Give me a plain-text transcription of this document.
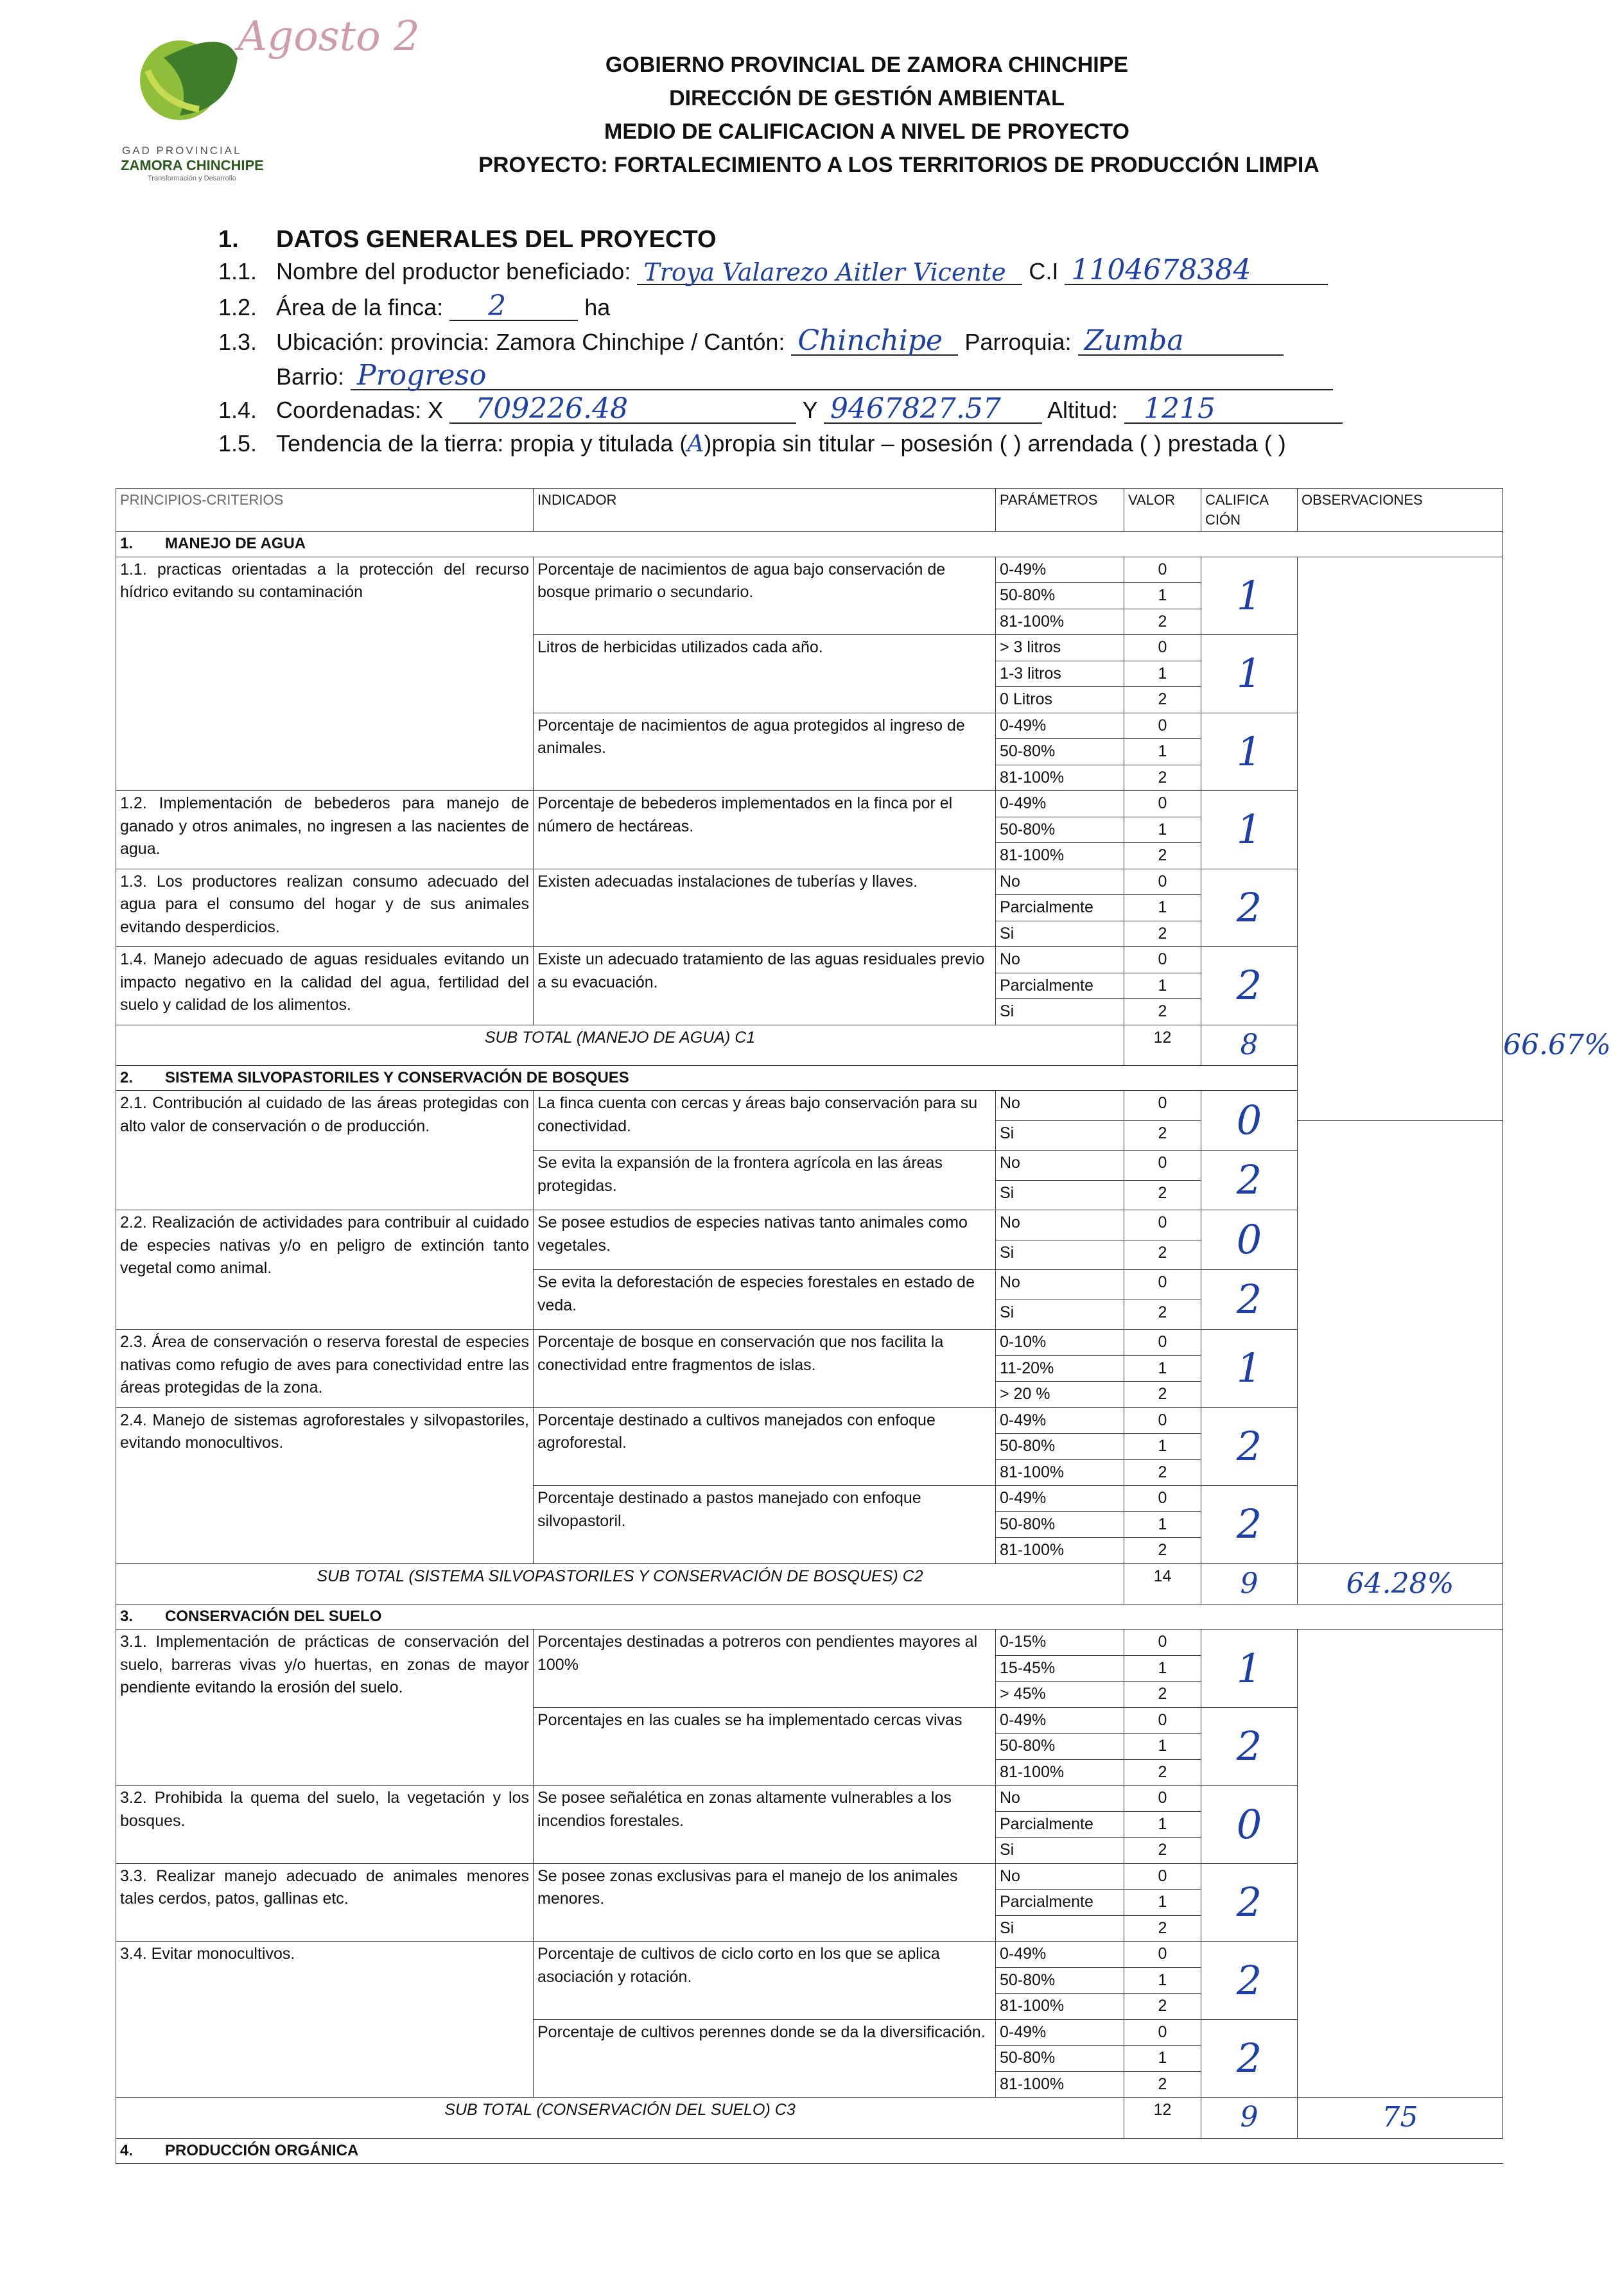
GAD PROVINCIAL
ZAMORA CHINCHIPE
Transformación y Desarrollo
Agosto 2
GOBIERNO PROVINCIAL DE ZAMORA CHINCHIPE
DIRECCIÓN DE GESTIÓN AMBIENTAL
MEDIO DE CALIFICACION A NIVEL DE PROYECTO
PROYECTO: FORTALECIMIENTO A LOS TERRITORIOS DE PRODUCCIÓN LIMPIA
1. DATOS GENERALES DEL PROYECTO
1.1. Nombre del productor beneficiado: Troya Valarezo Aitler Vicente C.I 1104678384
1.2. Área de la finca: 2	ha
1.3. Ubicación: provincia: Zamora Chinchipe / Cantón: Chinchipe Parroquia: Zumba
Barrio: Progreso
1.4. Coordenadas: X 709226.48	Y 9467827.57 Altitud: 1215
1.5. Tendencia de la tierra: propia y titulada (A)propia sin titular – posesión ( ) arrendada ( ) prestada ( )
PRINCIPIOS-CRITERIOS	INDICADOR	PARÁMETROS	VALOR	CALIFICA CIÓN	OBSERVACIONES	
1. MANEJO DE AGUA						
1.1. practicas orientadas a la protección del recurso hídrico evitando su contaminación	Porcentaje de nacimientos de agua bajo conservación de bosque primario o secundario.	0-49%	0	1		
		50-80%	1			
		81-100%	2			
	Litros de herbicidas utilizados cada año.	> 3 litros	0	1		
		1-3 litros	1			
		0 Litros	2			
	Porcentaje de nacimientos de agua protegidos al ingreso de animales.	0-49%	0	1		
		50-80%	1			
		81-100%	2			
1.2. Implementación de bebederos para manejo de ganado y otros animales, no ingresen a las nacientes de agua.	Porcentaje de bebederos implementados en la finca por el número de hectáreas.	0-49%	0	1		
		50-80%	1			
		81-100%	2			
1.3. Los productores realizan consumo adecuado del agua para el consumo del hogar y de sus animales evitando desperdicios.	Existen adecuadas instalaciones de tuberías y llaves.	No	0	2		
		Parcialmente	1			
		Si	2			
1.4. Manejo adecuado de aguas residuales evitando un impacto negativo en la calidad del agua, fertilidad del suelo y calidad de los alimentos.	Existe un adecuado tratamiento de las aguas residuales previo a su evacuación.	No	0	2		
		Parcialmente	1			
		Si	2			
SUB TOTAL (MANEJO DE AGUA) C1			12	8		66.67%
2. SISTEMA SILVOPASTORILES Y CONSERVACIÓN DE BOSQUES						
2.1. Contribución al cuidado de las áreas protegidas con alto valor de conservación o de producción.	La finca cuenta con cercas y áreas bajo conservación para su conectividad.	No	0	0		
		Si	2			
	Se evita la expansión de la frontera agrícola en las áreas protegidas.	No	0	2		
		Si	2			
2.2. Realización de actividades para contribuir al cuidado de especies nativas y/o en peligro de extinción tanto vegetal como animal.	Se posee estudios de especies nativas tanto animales como vegetales.	No	0	0		
		Si	2			
	Se evita la deforestación de especies forestales en estado de veda.	No	0	2		
		Si	2			
2.3. Área de conservación o reserva forestal de especies nativas como refugio de aves para conectividad entre las áreas protegidas de la zona.	Porcentaje de bosque en conservación que nos facilita la conectividad entre fragmentos de islas.	0-10%	0	1		
		11-20%	1			
		> 20 %	2			
2.4. Manejo de sistemas agroforestales y silvopastoriles, evitando monocultivos.	Porcentaje destinado a cultivos manejados con enfoque agroforestal.	0-49%	0	2		
		50-80%	1			
		81-100%	2			
	Porcentaje destinado a pastos manejado con enfoque silvopastoril.	0-49%	0	2		
		50-80%	1			
		81-100%	2			
SUB TOTAL (SISTEMA SILVOPASTORILES Y CONSERVACIÓN DE BOSQUES) C2			14	9	64.28%	
3. CONSERVACIÓN DEL SUELO						
3.1. Implementación de prácticas de conservación del suelo, barreras vivas y/o huertas, en zonas de mayor pendiente evitando la erosión del suelo.	Porcentajes destinadas a potreros con pendientes mayores al 100%	0-15%	0	1		
		15-45%	1			
		> 45%	2			
	Porcentajes en las cuales se ha implementado cercas vivas	0-49%	0	2		
		50-80%	1			
		81-100%	2			
3.2. Prohibida la quema del suelo, la vegetación y los bosques.	Se posee señalética en zonas altamente vulnerables a los incendios forestales.	No	0	0		
		Parcialmente	1			
		Si	2			
3.3. Realizar manejo adecuado de animales menores tales cerdos, patos, gallinas etc.	Se posee zonas exclusivas para el manejo de los animales menores.	No	0	2		
		Parcialmente	1			
		Si	2			
3.4. Evitar monocultivos.	Porcentaje de cultivos de ciclo corto en los que se aplica asociación y rotación.	0-49%	0	2		
		50-80%	1			
		81-100%	2			
	Porcentaje de cultivos perennes donde se da la diversificación.	0-49%	0	2		
		50-80%	1			
		81-100%	2			
SUB TOTAL (CONSERVACIÓN DEL SUELO) C3			12	9	75	
4. PRODUCCIÓN ORGÁNICA						
